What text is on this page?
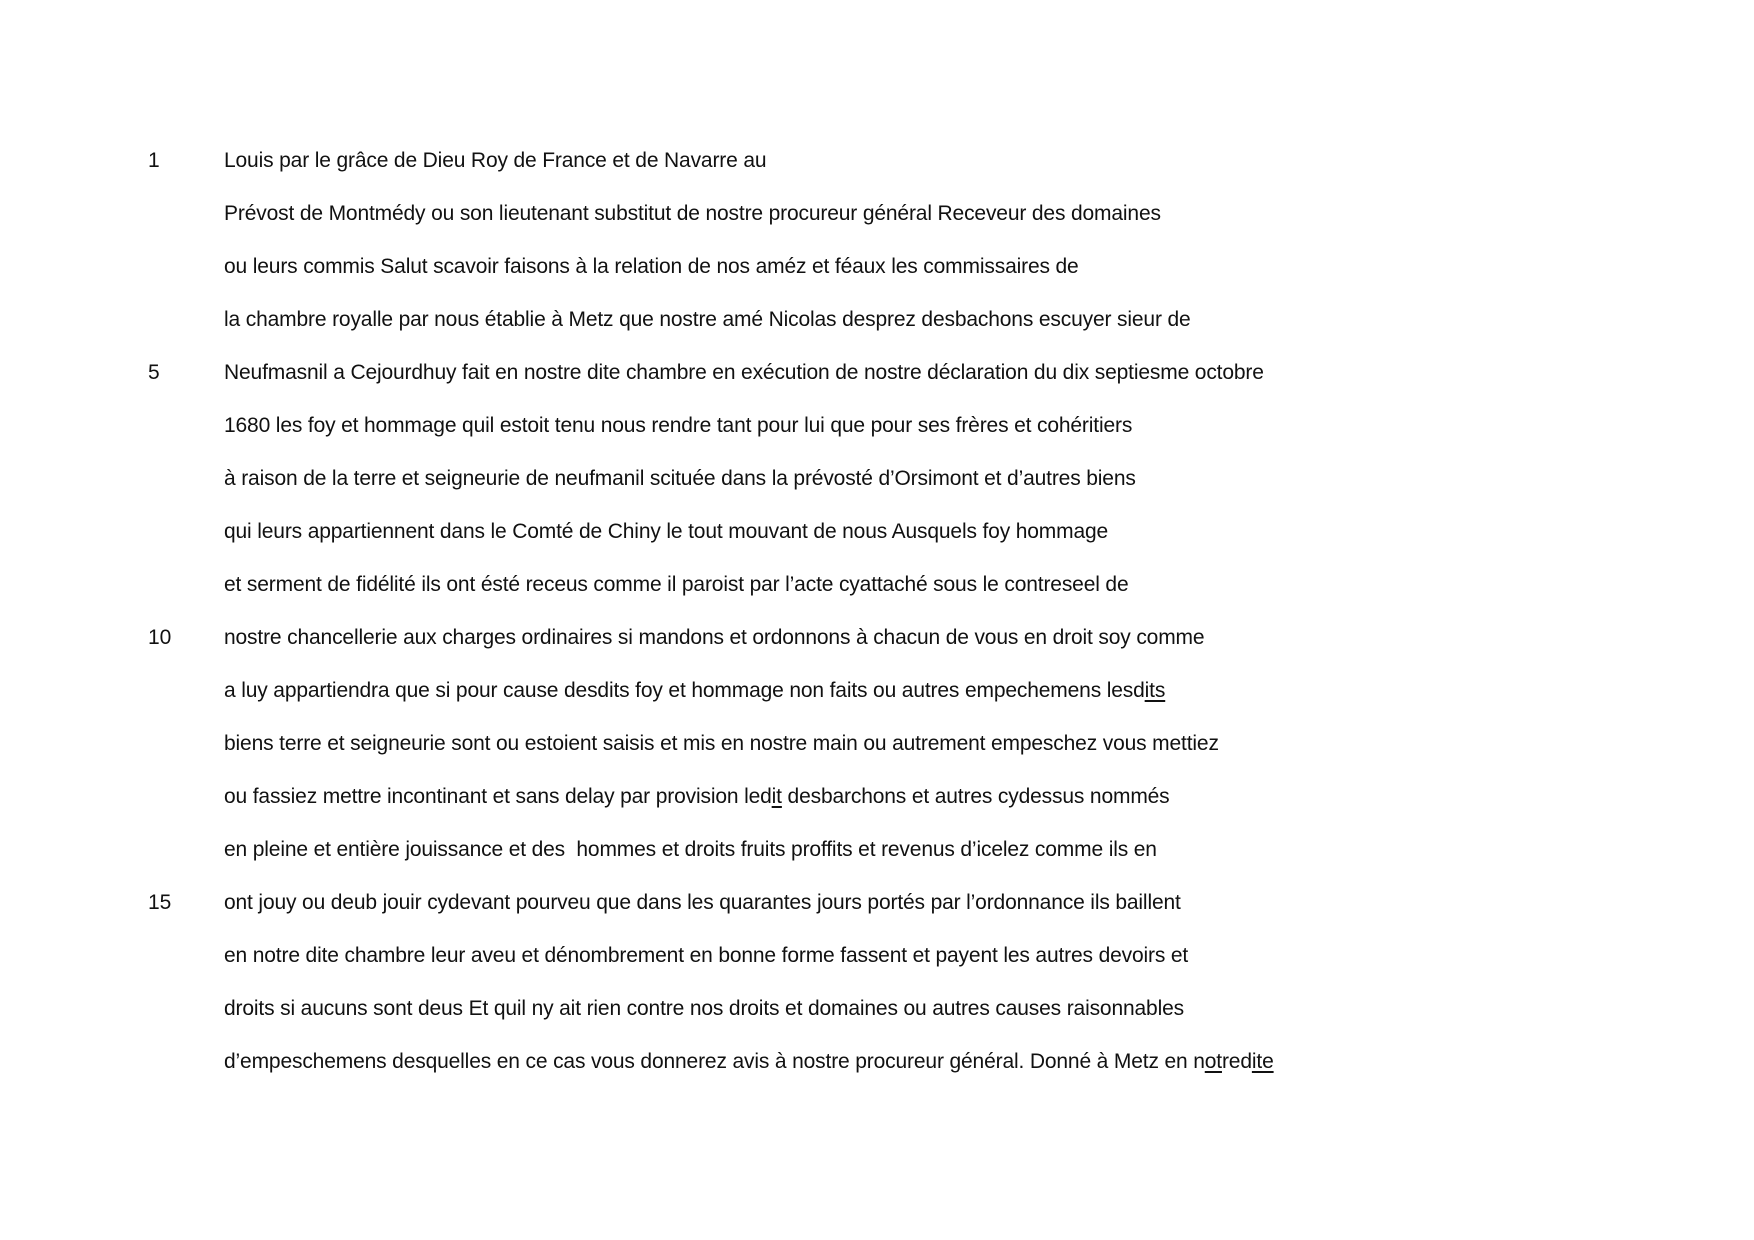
1	Louis par le grâce de Dieu Roy de France et de Navarre au
Prévost de Montmédy ou son lieutenant substitut de nostre procureur général Receveur des domaines
ou leurs commis Salut scavoir faisons à la relation de nos améz et féaux les commissaires de
la chambre royalle par nous établie à Metz que nostre amé Nicolas desprez desbachons escuyer sieur de
5	Neufmasnil a Cejourdhuy fait en nostre dite chambre en exécution de nostre déclaration du dix septiesme octobre
1680 les foy et hommage quil estoit tenu nous rendre tant pour lui que pour ses frères et cohéritiers
à raison de la terre et seigneurie de neufmanil scituée dans la prévosté d’Orsimont et d’autres biens
qui leurs appartiennent dans le Comté de Chiny le tout mouvant de nous Ausquels foy hommage
et serment de fidélité ils ont ésté receus comme il paroist par l’acte cyattaché sous le contreseel de
10	nostre chancellerie aux charges ordinaires si mandons et ordonnons à chacun de vous en droit soy comme
a luy appartiendra que si pour cause desdits foy et hommage non faits ou autres empechemens lesdits
biens terre et seigneurie sont ou estoient saisis et mis en nostre main ou autrement empeschez vous mettiez
ou fassiez mettre incontinant et sans delay par provision ledit desbarchons et autres cydessus nommés
en pleine et entière jouissance et des  hommes et droits fruits proffits et revenus d’icelez comme ils en
15	ont jouy ou deub jouir cydevant pourveu que dans les quarantes jours portés par l’ordonnance ils baillent
en notre dite chambre leur aveu et dénombrement en bonne forme fassent et payent les autres devoirs et
droits si aucuns sont deus Et quil ny ait rien contre nos droits et domaines ou autres causes raisonnables
d’empeschemens desquelles en ce cas vous donnerez avis à nostre procureur général. Donné à Metz en notredite
